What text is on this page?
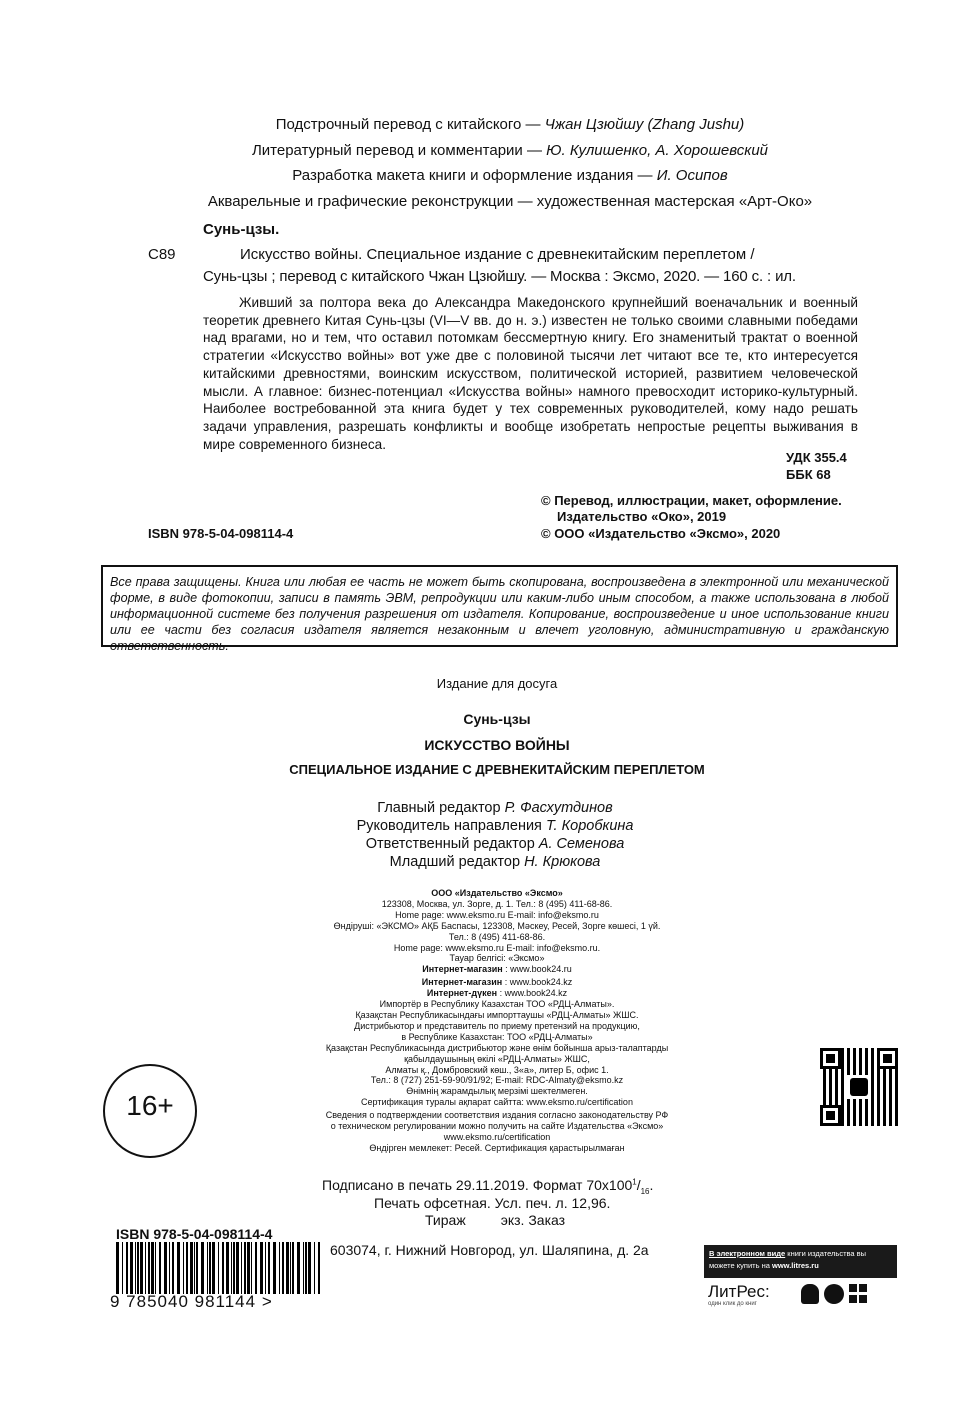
Подстрочный перевод с китайского — Чжан Цзюйшу (Zhang Jushu)
Литературный перевод и комментарии — Ю. Кулишенко, А. Хорошевский
Разработка макета книги и оформление издания — И. Осипов
Акварельные и графические реконструкции — художественная мастерская «Арт-Око»
Сунь-цзы.
С89	Искусство войны. Специальное издание с древнекитайским переплетом /
Сунь-цзы ; перевод с китайского Чжан Цзюйшу. — Москва : Эксмо, 2020. — 160 с. : ил.
Живший за полтора века до Александра Македонского крупнейший военачальник и военный теоретик древнего Китая Сунь-цзы (VI—V вв. до н. э.) известен не только своими славными победами над врагами, но и тем, что оставил потомкам бессмертную книгу. Его знаменитый трактат о военной стратегии «Искусство войны» вот уже две с половиной тысячи лет читают все те, кто интересуется китайскими древностями, воинским искусством, политической историей, развитием человеческой мысли. А главное: бизнес-потенциал «Искусства войны» намного превосходит историко-культурный. Наиболее востребованной эта книга будет у тех современных руководителей, кому надо решать задачи управления, разрешать конфликты и вообще изобретать непростые рецепты выживания в мире современного бизнеса.
УДК 355.4
ББК 68
© Перевод, иллюстрации, макет, оформление.
Издательство «Око», 2019
© ООО «Издательство «Эксмо», 2020
ISBN 978-5-04-098114-4
Все права защищены. Книга или любая ее часть не может быть скопирована, воспроизведена в электронной или механической форме, в виде фотокопии, записи в память ЭВМ, репродукции или каким-либо иным способом, а также использована в любой информационной системе без получения разрешения от издателя. Копирование, воспроизведение и иное использование книги или ее части без согласия издателя является незаконным и влечет уголовную, административную и гражданскую ответственность.
Издание для досуга
Сунь-цзы
ИСКУССТВО ВОЙНЫ
СПЕЦИАЛЬНОЕ ИЗДАНИЕ С ДРЕВНЕКИТАЙСКИМ ПЕРЕПЛЕТОМ
Главный редактор Р. Фасхутдинов
Руководитель направления Т. Коробкина
Ответственный редактор А. Семенова
Младший редактор Н. Крюкова
ООО «Издательство «Эксмо»
123308, Москва, ул. Зорге, д. 1. Тел.: 8 (495) 411-68-86.
Home page: www.eksmo.ru E-mail: info@eksmo.ru
Өндіруші: «ЭКСМО» АҚБ Баспасы, 123308, Мәскеу, Ресей, Зорге көшесі, 1 үй.
Тел.: 8 (495) 411-68-86.
Home page: www.eksmo.ru E-mail: info@eksmo.ru.
Тауар белгісі: «Эксмо»
Интернет-магазин : www.book24.ru
Интернет-магазин : www.book24.kz
Интернет-дүкен : www.book24.kz
Импортёр в Республику Казахстан ТОО «РДЦ-Алматы».
Қазақстан Республикасындағы импорттаушы «РДЦ-Алматы» ЖШС.
Дистрибьютор и представитель по приему претензий на продукцию,
в Республике Казахстан: ТОО «РДЦ-Алматы»
Қазақстан Республикасында дистрибьютор және өнім бойынша арыз-талаптарды
қабылдаушының өкілі «РДЦ-Алматы» ЖШС,
Алматы қ., Домбровский көш., 3«а», литер Б, офис 1.
Тел.: 8 (727) 251-59-90/91/92; E-mail: RDC-Almaty@eksmo.kz
Өнімнің жарамдылық мерзімі шектелмеген.
Сертификация туралы ақпарат сайтта: www.eksmo.ru/certification
Сведения о подтверждении соответствия издания согласно законодательству РФ
о техническом регулировании можно получить на сайте Издательства «Эксмо»
www.eksmo.ru/certification
Өндірген мемлекет: Ресей. Сертификация қарастырылмаған
Подписано в печать 29.11.2019. Формат $70x100^1/_{16}$.
Печать офсетная. Усл. печ. л. 12,96.
Тираж         экз. Заказ
603074, г. Нижний Новгород, ул. Шаляпина, д. 2а
16+
ISBN 978-5-04-098114-4
9 785040 981144 >
В электронном виде книги издательства вы можете купить на www.litres.ru
ЛитРес:
один клик до книг
